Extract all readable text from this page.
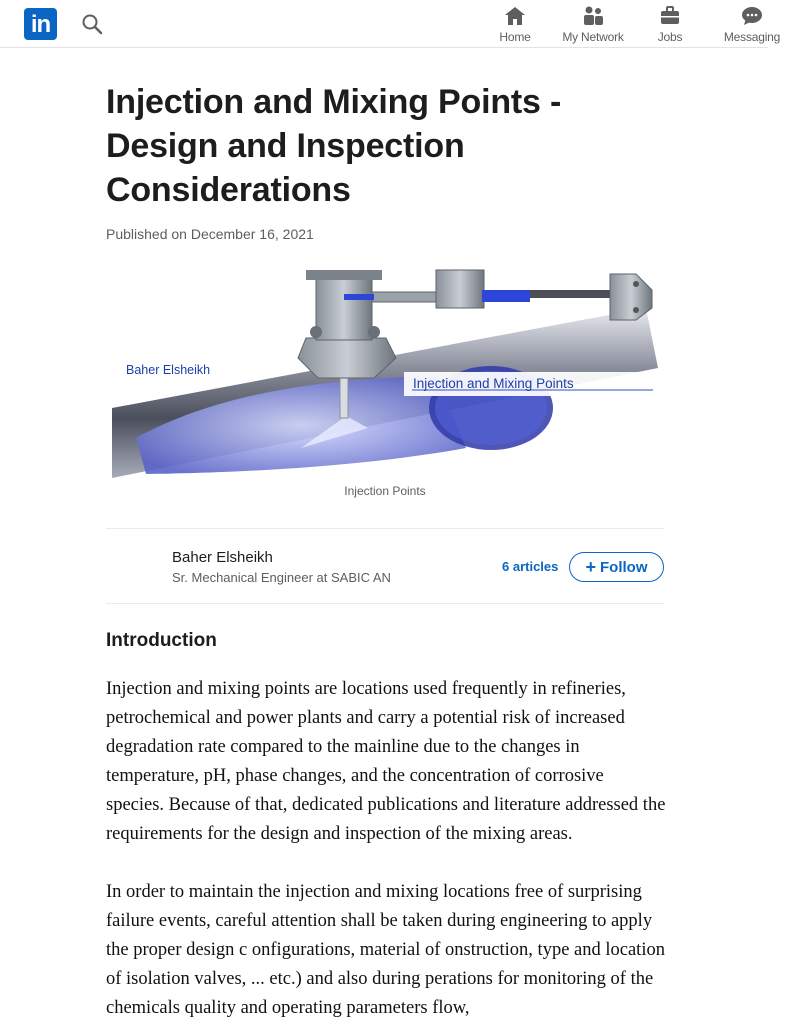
in	Home	My Network	Jobs	Messaging
Injection and Mixing Points - Design and Inspection Considerations
Published on December 16, 2021
Baher Elsheikh
Injection and Mixing Points
Injection Points
Baher Elsheikh
Sr. Mechanical Engineer at SABIC AN
6 articles	+ Follow
Introduction

Injection and mixing points are locations used frequently in refineries, petrochemical and power plants and carry a potential risk of increased degradation rate compared to the mainline due to the changes in temperature, pH, phase changes, and the concentration of corrosive species. Because of that, dedicated publications and literature addressed the requirements for the design and inspection of the mixing areas.

In order to maintain the injection and mixing locations free of surprising failure events, careful attention shall be taken during engineering to apply the proper design c onfigurations, material of onstruction, type and location of isolation valves, ... etc.) and also during perations for monitoring of the chemicals quality and operating parameters flow,
